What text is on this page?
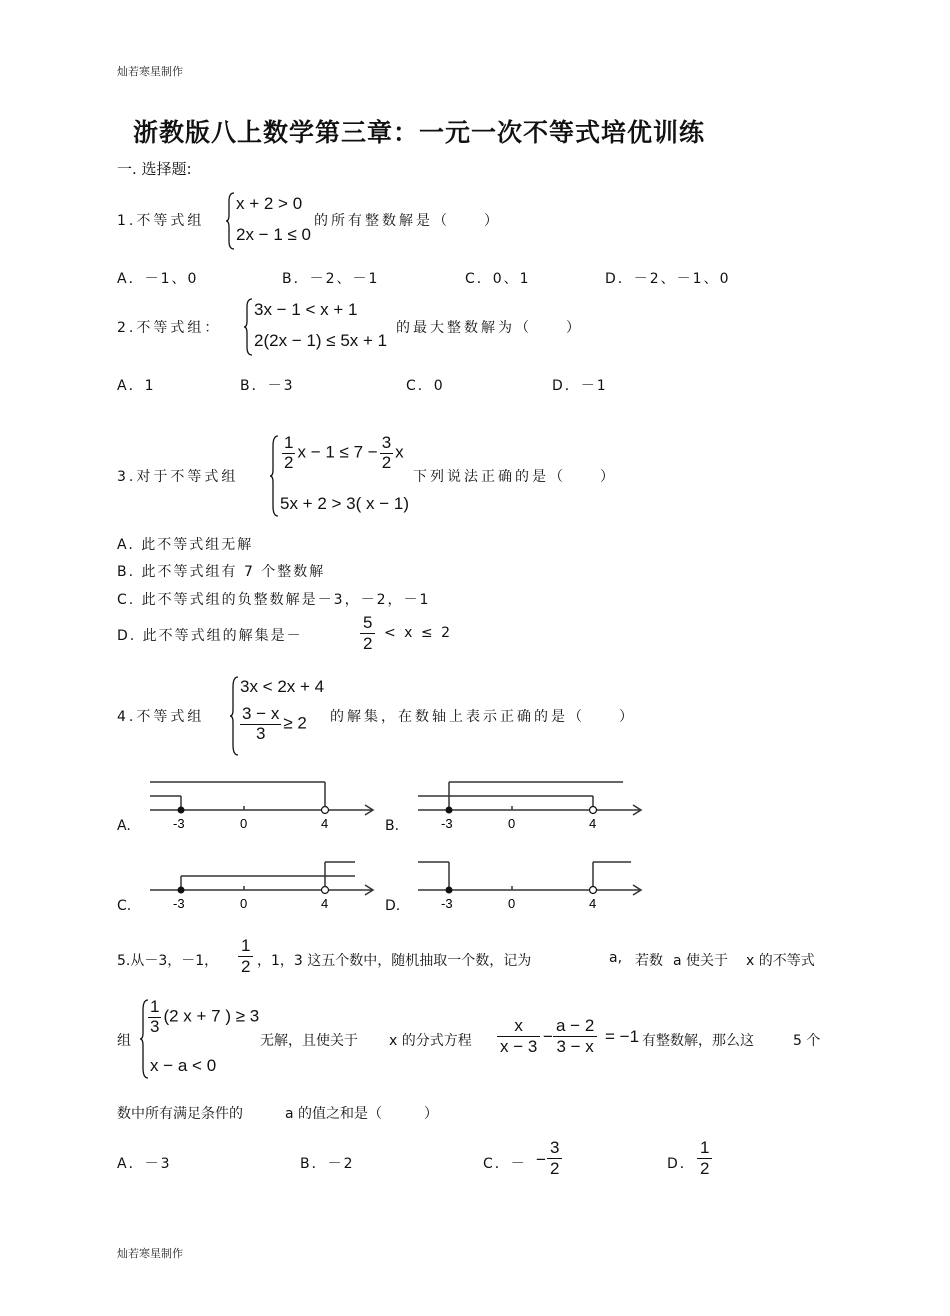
灿若寒星制作
浙教版八上数学第三章：一元一次不等式培优训练
一. 选择题:
1.不等式组
x + 2 > 0
2x − 1 ≤ 0
的所有整数解是（　　）
A．－1、0	B．－2、－1	C．0、1	D．－2、－1、0
2.不等式组：
3x − 1 < x + 1
2(2x − 1) ≤ 5x + 1
的最大整数解为（　　）
A．1	B．－3	C．0	D．－1
3.对于不等式组
$\frac{1}{2}$ $x - 1 \le 7 - \frac{3}{2}$ x
5x + 2 > 3( x − 1)
下列说法正确的是（　　）
A. 此不等式组无解
B. 此不等式组有 7 个整数解
C. 此不等式组的负整数解是－3，－2，－1
D. 此不等式组的解集是－
5
2
< x ≤ 2
4.不等式组
3x < 2x + 4
$\frac{3 - x}{3} \ge 2$ 的解集，在数轴上表示正确的是（　　）
A.	B.
C.	D.
-3	0	4	-3	0	4
-3	0	4	-3	0	4
5.从－3，－1，
1
2 ，1，3 这五个数中，随机抽取一个数，记为	a, 若数 a 使关于 x 的不等式
组
$\frac{1}{3} (2$ x + 7 ) ≥ 3
x − a < 0
无解，且使关于 x 的分式方程
x
x − 3
−
a − 2
3 − x
= −1 有整数解，那么这	5 个
数中所有满足条件的	a 的值之和是（　　　）
A．－3	B．－2	C．－ −
3
2	D．
1
2
灿若寒星制作
